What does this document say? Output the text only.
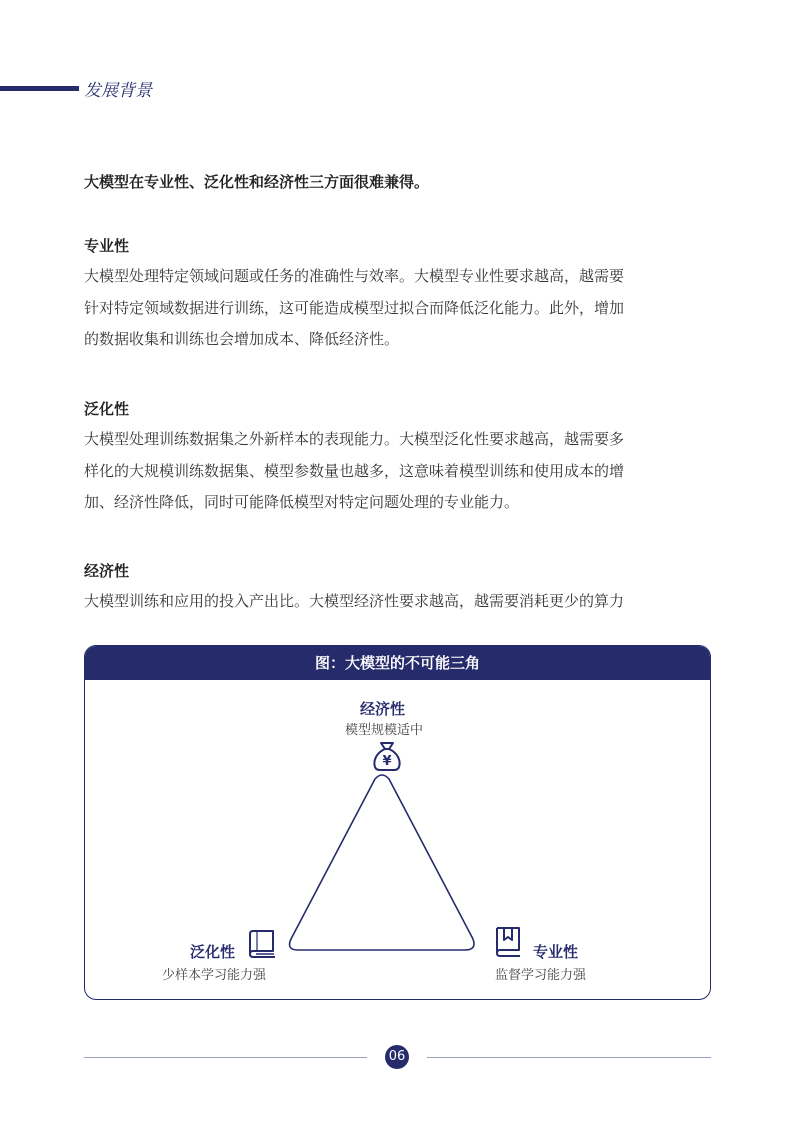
发展背景
大模型在专业性、泛化性和经济性三方面很难兼得。
专业性
大模型处理特定领域问题或任务的准确性与效率。大模型专业性要求越高，越需要
针对特定领域数据进行训练，这可能造成模型过拟合而降低泛化能力。此外，增加
的数据收集和训练也会增加成本、降低经济性。
泛化性
大模型处理训练数据集之外新样本的表现能力。大模型泛化性要求越高，越需要多
样化的大规模训练数据集、模型参数量也越多，这意味着模型训练和使用成本的增
加、经济性降低，同时可能降低模型对特定问题处理的专业能力。
经济性
大模型训练和应用的投入产出比。大模型经济性要求越高，越需要消耗更少的算力
图：大模型的不可能三角
经济性
模型规模适中
¥
泛化性
少样本学习能力强
专业性
监督学习能力强
06
